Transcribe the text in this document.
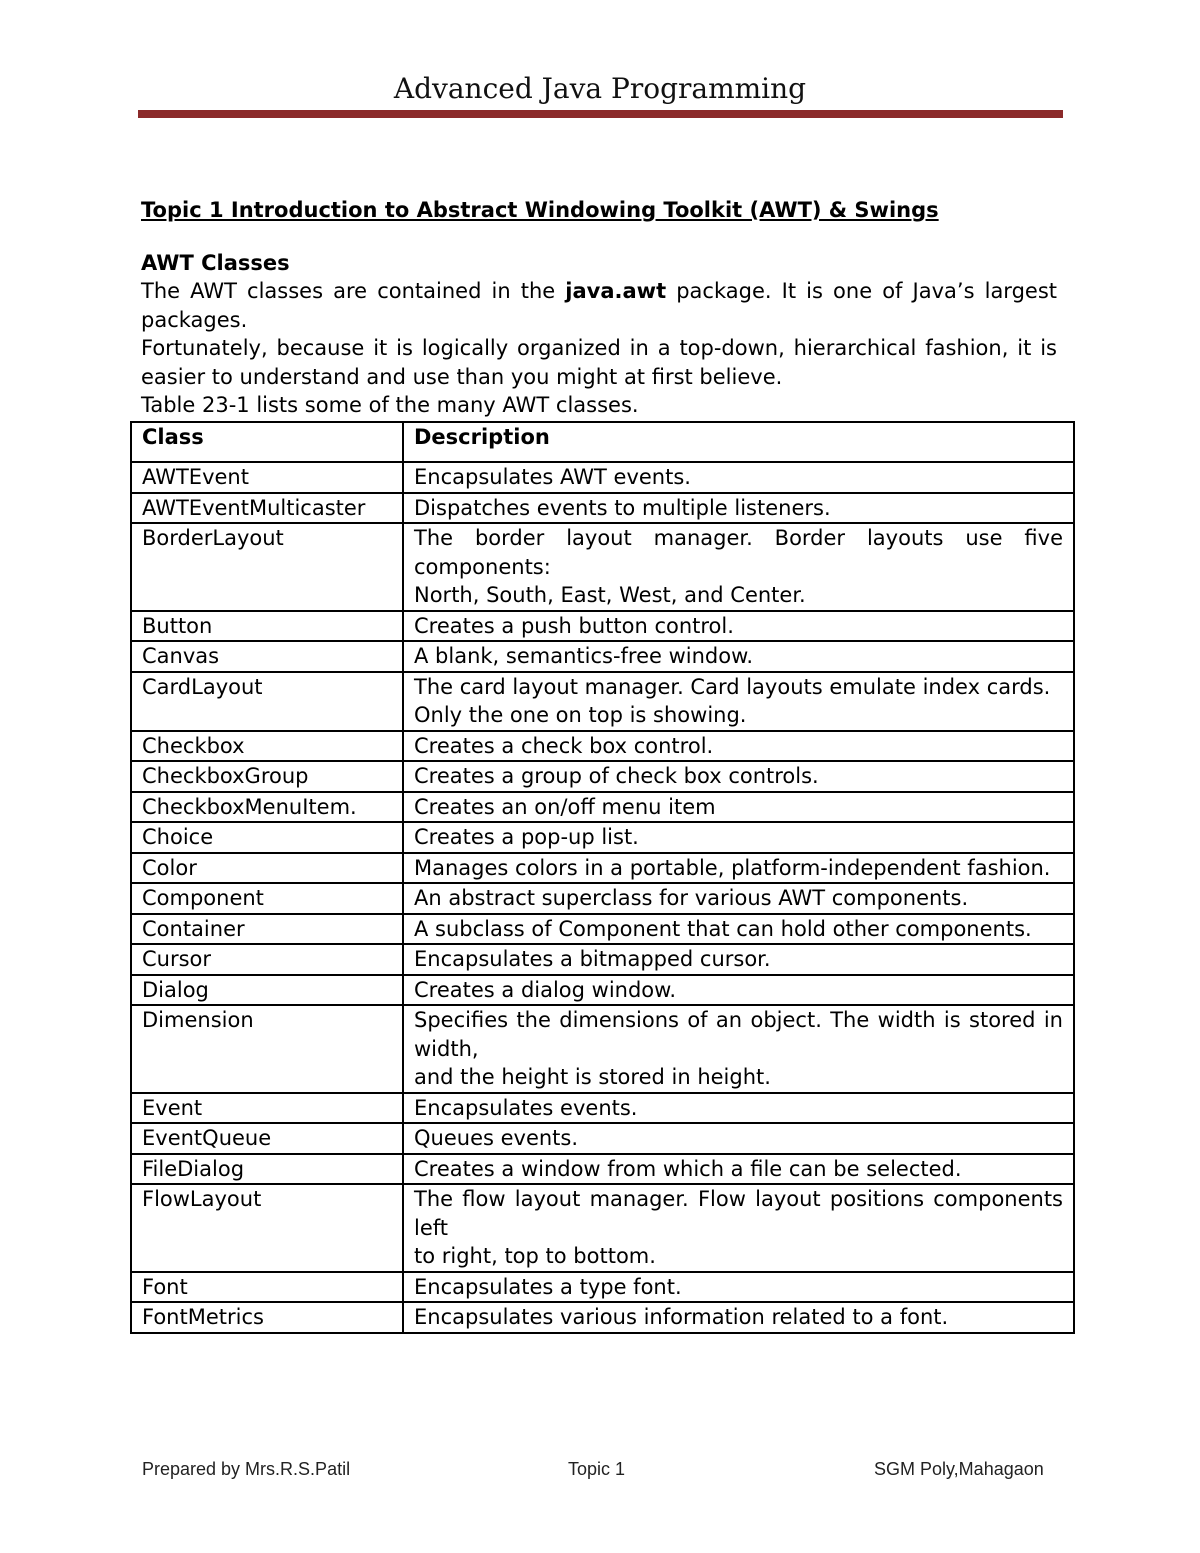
Advanced Java Programming

Topic 1 Introduction to Abstract Windowing Toolkit (AWT) & Swings

AWT Classes

The AWT classes are contained in the java.awt package. It is one of Java’s largest packages.

Fortunately, because it is logically organized in a top-down, hierarchical fashion, it is easier to understand and use than you might at first believe.

Table 23-1 lists some of the many AWT classes.

Class	Description
AWTEvent	Encapsulates AWT events.

AWTEventMulticaster	Dispatches events to multiple listeners.

BorderLayout	The border layout manager. Border layouts use five components:
North, South, East, West, and Center.

Button	Creates a push button control.

Canvas	A blank, semantics-free window.

CardLayout	The card layout manager. Card layouts emulate index cards.
Only the one on top is showing.

Checkbox	Creates a check box control.

CheckboxGroup	Creates a group of check box controls.

CheckboxMenuItem.	Creates an on/off menu item

Choice	Creates a pop-up list.

Color	Manages colors in a portable, platform-independent fashion.

Component	An abstract superclass for various AWT components.

Container	A subclass of Component that can hold other components.

Cursor	Encapsulates a bitmapped cursor.

Dialog	Creates a dialog window.

Dimension	Specifies the dimensions of an object. The width is stored in width,
and the height is stored in height.

Event	Encapsulates events.

EventQueue	Queues events.

FileDialog	Creates a window from which a file can be selected.

FlowLayout	The flow layout manager. Flow layout positions components left
to right, top to bottom.

Font	Encapsulates a type font.

FontMetrics	Encapsulates various information related to a font.
Prepared by Mrs.R.S.Patil	Topic 1	SGM Poly,Mahagaon
